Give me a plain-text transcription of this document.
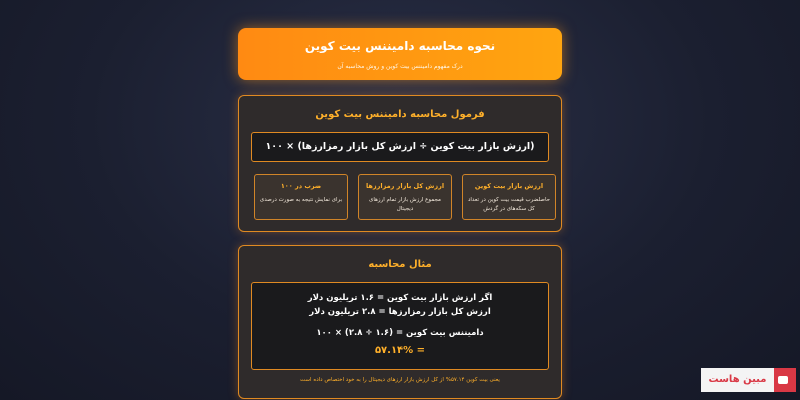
نحوه محاسبه دامیننس بیت کوین
درک مفهوم دامیننس بیت کوین و روش محاسبه آن
فرمول محاسبه دامیننس بیت کوین
(ارزش بازار بیت کوین ÷ ارزش کل بازار رمزارزها) × ۱۰۰
ارزش بازار بیت کوین
حاصلضرب قیمت بیت کوین در تعداد کل سکه‌های در گردش
ارزش کل بازار رمزارزها
مجموع ارزش بازار تمام ارزهای دیجیتال
ضرب در ۱۰۰
برای نمایش نتیجه به صورت درصدی
مثال محاسبه
اگر ارزش بازار بیت کوین = ۱.۶ تریلیون دلار
ارزش کل بازار رمزارزها = ۲.۸ تریلیون دلار
دامیننس بیت کوین = (۱.۶ ÷ ۲.۸) × ۱۰۰
= ۵۷.۱۴%
یعنی بیت کوین ۵۷.۱۴% از کل ارزش بازار ارزهای دیجیتال را به خود اختصاص داده است	مبین هاست
